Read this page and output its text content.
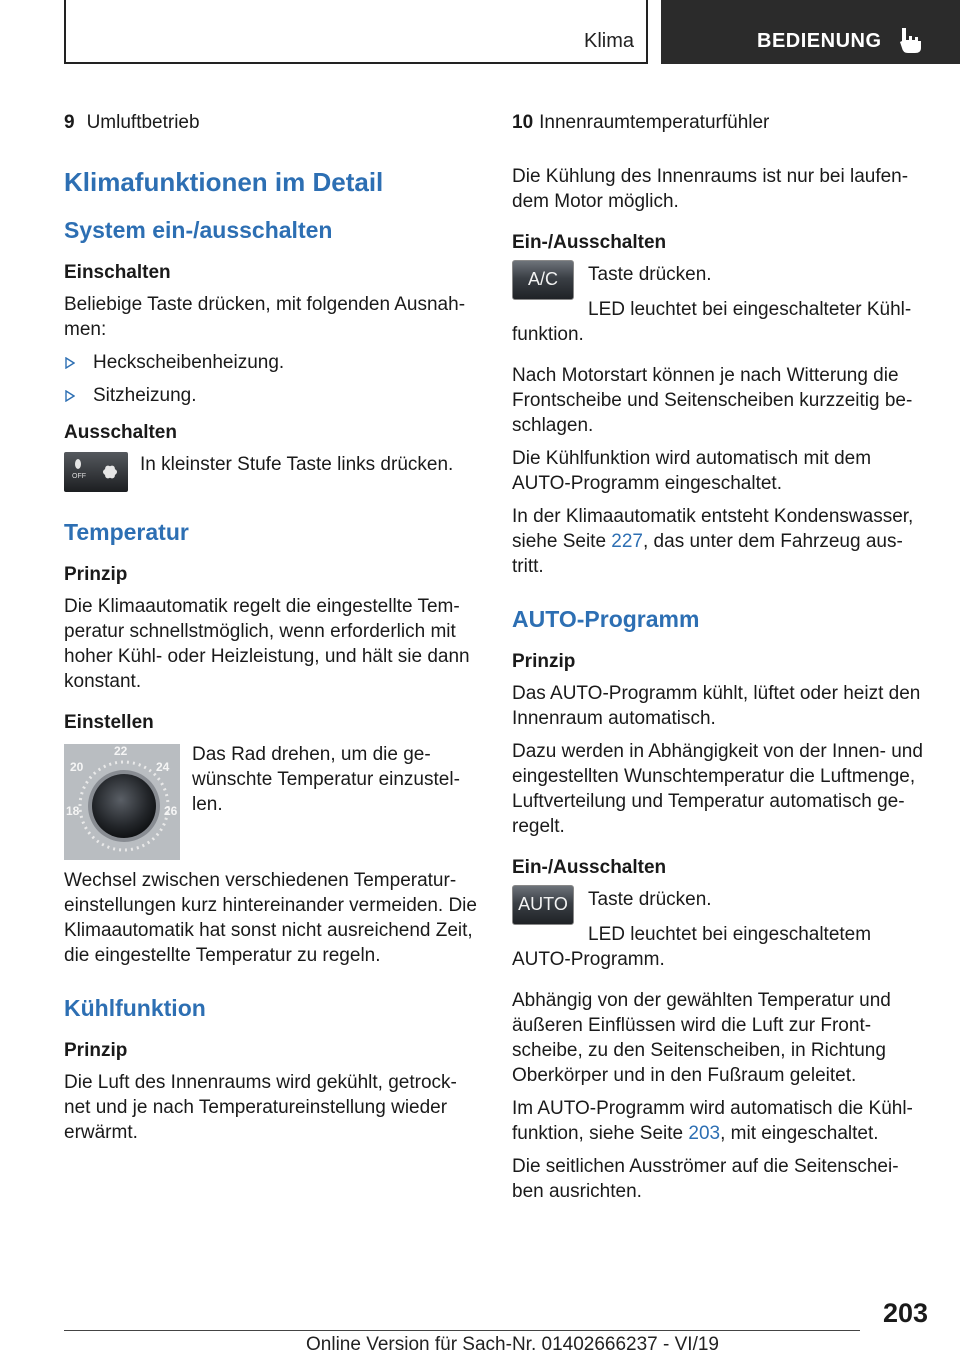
Klima	BEDIENUNG
9 Umluftbetrieb
Klimafunktionen im Detail
System ein-/ausschalten
Einschalten

Beliebige Taste drücken, mit folgenden Ausnah-
men:

Heckscheibenheizung.
Sitzheizung.
Ausschalten
OFF

In kleinster Stufe Taste links drücken.

Temperatur
Prinzip

Die Klimaautomatik regelt die eingestellte Tem-
peratur schnellstmöglich, wenn erforderlich mit
hoher Kühl- oder Heizleistung, und hält sie dann
konstant.

Einstellen
18
20
22
24
26

Das Rad drehen, um die ge-
wünschte Temperatur einzustel-
len.

Wechsel zwischen verschiedenen Temperatur-
einstellungen kurz hintereinander vermeiden. Die
Klimaautomatik hat sonst nicht ausreichend Zeit,
die eingestellte Temperatur zu regeln.

Kühlfunktion
Prinzip

Die Luft des Innenraums wird gekühlt, getrock-
net und je nach Temperatureinstellung wieder
erwärmt.

10 Innenraumtemperaturfühler

Die Kühlung des Innenraums ist nur bei laufen-
dem Motor möglich.

Ein-/Ausschalten
A/C	Taste drücken.

LED leuchtet bei eingeschalteter Kühl-
funktion.

Nach Motorstart können je nach Witterung die
Frontscheibe und Seitenscheiben kurzzeitig be-
schlagen.

Die Kühlfunktion wird automatisch mit dem
AUTO-Programm eingeschaltet.

In der Klimaautomatik entsteht Kondenswasser,
siehe Seite 227, das unter dem Fahrzeug aus-
tritt.

AUTO-Programm
Prinzip

Das AUTO-Programm kühlt, lüftet oder heizt den
Innenraum automatisch.

Dazu werden in Abhängigkeit von der Innen- und
eingestellten Wunschtemperatur die Luftmenge,
Luftverteilung und Temperatur automatisch ge-
regelt.

Ein-/Ausschalten
AUTO Taste drücken.

LED leuchtet bei eingeschaltetem
AUTO-Programm.

Abhängig von der gewählten Temperatur und
äußeren Einflüssen wird die Luft zur Front-
scheibe, zu den Seitenscheiben, in Richtung
Oberkörper und in den Fußraum geleitet.

Im AUTO-Programm wird automatisch die Kühl-
funktion, siehe Seite 203, mit eingeschaltet.

Die seitlichen Ausströmer auf die Seitenschei-
ben ausrichten.

203
Online Version für Sach-Nr. 01402666237 - VI/19
